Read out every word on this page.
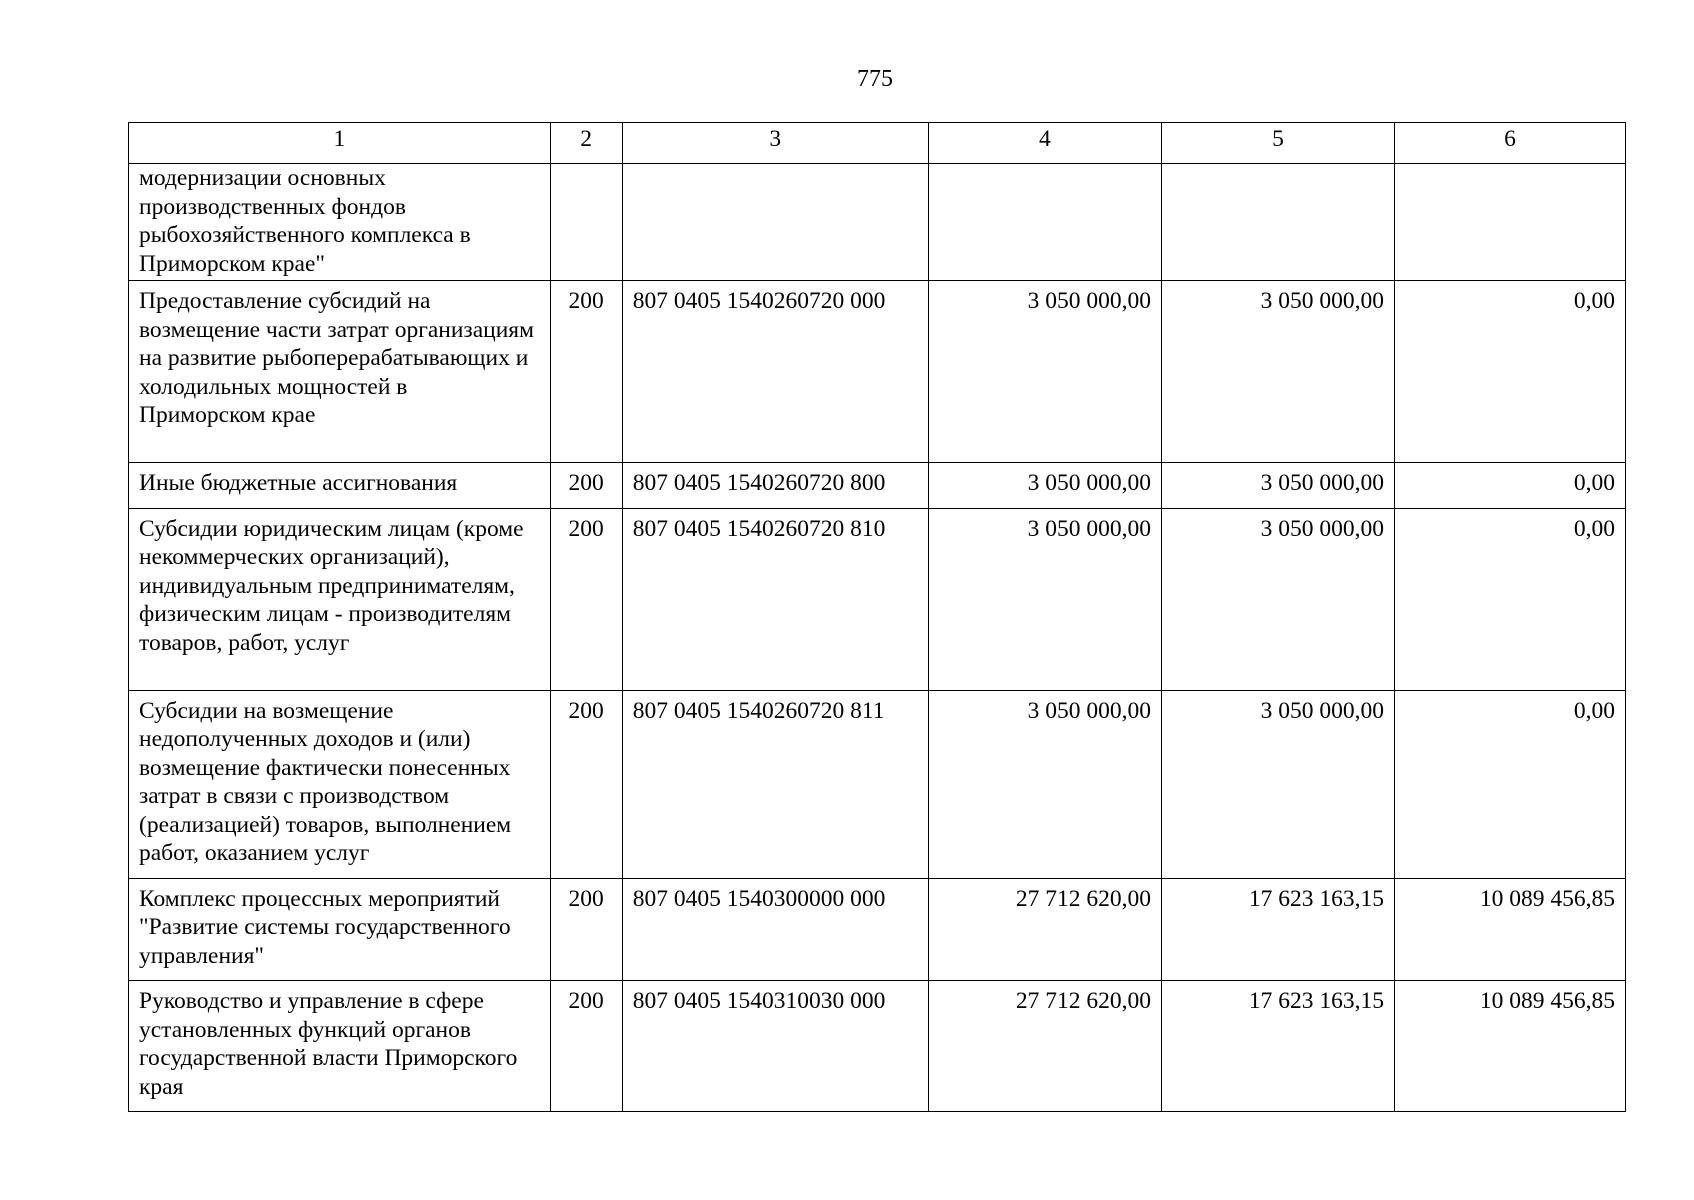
775
1	2	3	4	5	6
модернизации основных производственных фондов рыбохозяйственного комплекса в Приморском крае"					
Предоставление субсидий на возмещение части затрат организациям на развитие рыбоперерабатывающих и холодильных мощностей в Приморском крае	200	807 0405 1540260720 000	3 050 000,00	3 050 000,00	0,00
Иные бюджетные ассигнования	200	807 0405 1540260720 800	3 050 000,00	3 050 000,00	0,00
Субсидии юридическим лицам (кроме некоммерческих организаций), индивидуальным предпринимателям, физическим лицам - производителям товаров, работ, услуг	200	807 0405 1540260720 810	3 050 000,00	3 050 000,00	0,00
Субсидии на возмещение недополученных доходов и (или) возмещение фактически понесенных затрат в связи с производством (реализацией) товаров, выполнением работ, оказанием услуг	200	807 0405 1540260720 811	3 050 000,00	3 050 000,00	0,00
Комплекс процессных мероприятий "Развитие системы государственного управления"	200	807 0405 1540300000 000	27 712 620,00	17 623 163,15	10 089 456,85
Руководство и управление в сфере установленных функций органов государственной власти Приморского края	200	807 0405 1540310030 000	27 712 620,00	17 623 163,15	10 089 456,85
